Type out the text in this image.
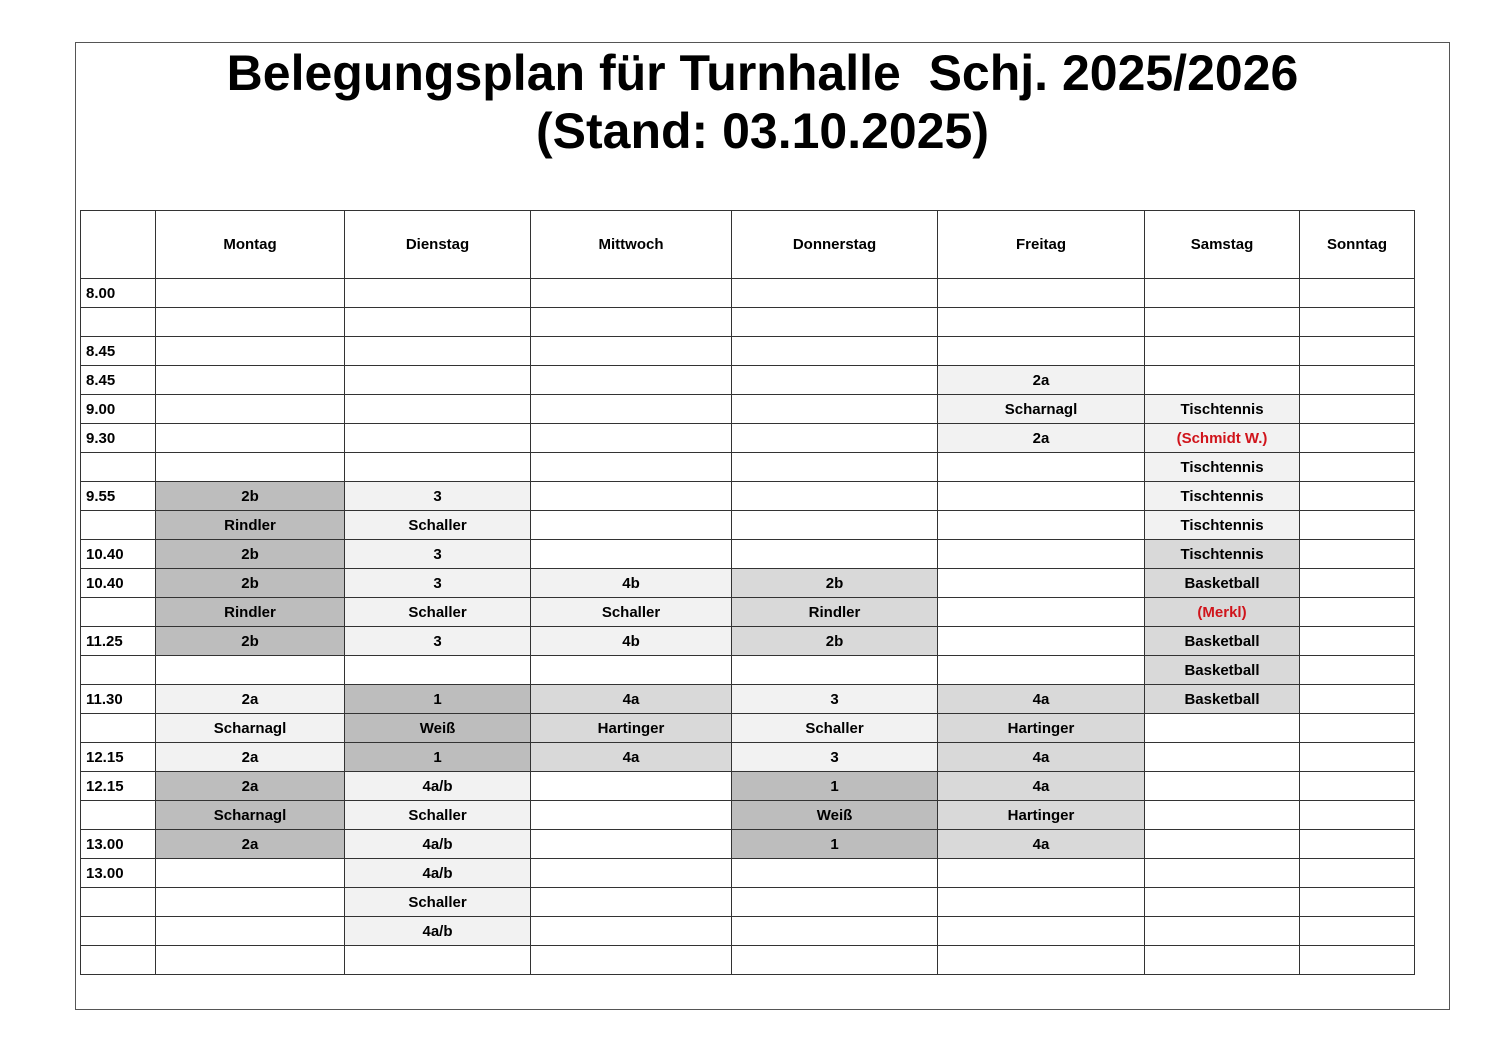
Belegungsplan für Turnhalle  Schj. 2025/2026
(Stand: 03.10.2025)
	Montag	Dienstag	Mittwoch	Donnerstag	Freitag	Samstag	Sonntag
8.00							

8.45							
8.45					2a		
9.00					Scharnagl	Tischtennis	
9.30					2a	(Schmidt W.)	
						Tischtennis	
9.55	2b	3				Tischtennis	
	Rindler	Schaller				Tischtennis	
10.40	2b	3				Tischtennis	
10.40	2b	3	4b	2b		Basketball	
	Rindler	Schaller	Schaller	Rindler		(Merkl)	
11.25	2b	3	4b	2b		Basketball	
						Basketball	
11.30	2a	1	4a	3	4a	Basketball	
	Scharnagl	Weiß	Hartinger	Schaller	Hartinger		
12.15	2a	1	4a	3	4a		
12.15	2a	4a/b		1	4a		
	Scharnagl	Schaller		Weiß	Hartinger		
13.00	2a	4a/b		1	4a		
13.00		4a/b					
		Schaller					
		4a/b					
